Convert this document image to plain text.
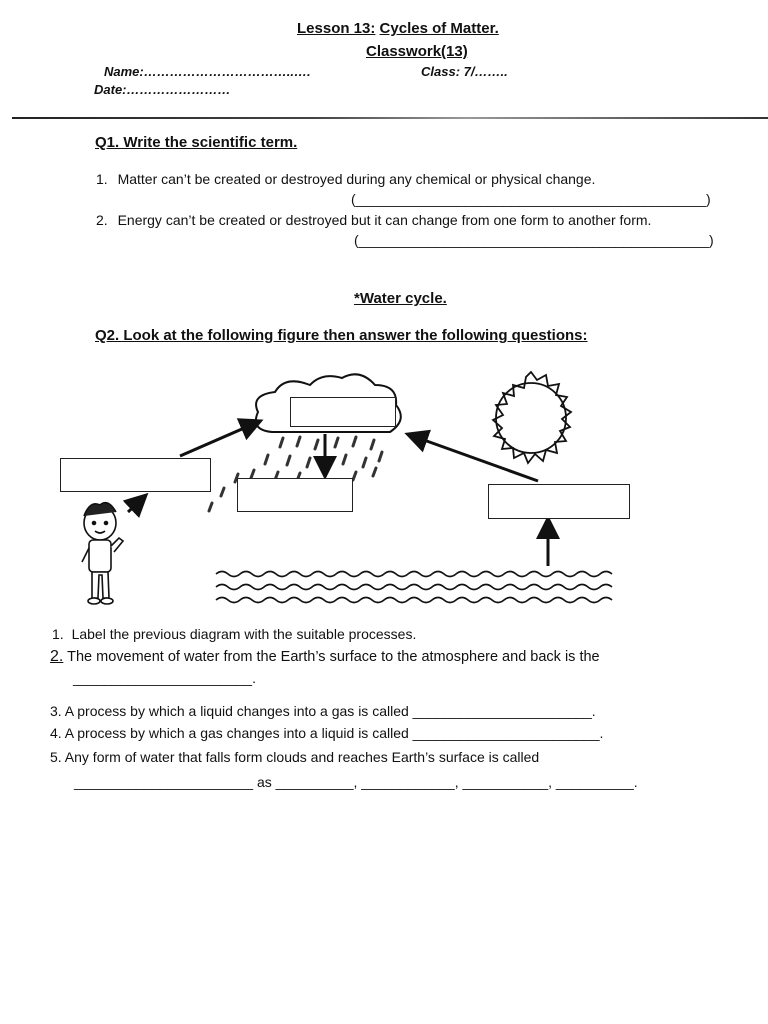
Lesson 13: Cycles of Matter.
Classwork(13)
Name:……………………………..….	Class: 7/……..
Date:……………………
Q1. Write the scientific term.
1. Matter can’t be created or destroyed during any chemical or physical change.
(_____________________________________________)
2. Energy can’t be created or destroyed but it can change from one form to another form.
(_____________________________________________)
*Water cycle.
Q2. Look at the following figure then answer the following questions:
1. Label the previous diagram with the suitable processes.
2. The movement of water from the Earth’s surface to the atmosphere and back is the
_______________________.
3. A process by which a liquid changes into a gas is called _______________________.
4. A process by which a gas changes into a liquid is called ________________________.
5. Any form of water that falls form clouds and reaches Earth’s surface is called
_______________________ as __________, ____________, ___________, __________.
